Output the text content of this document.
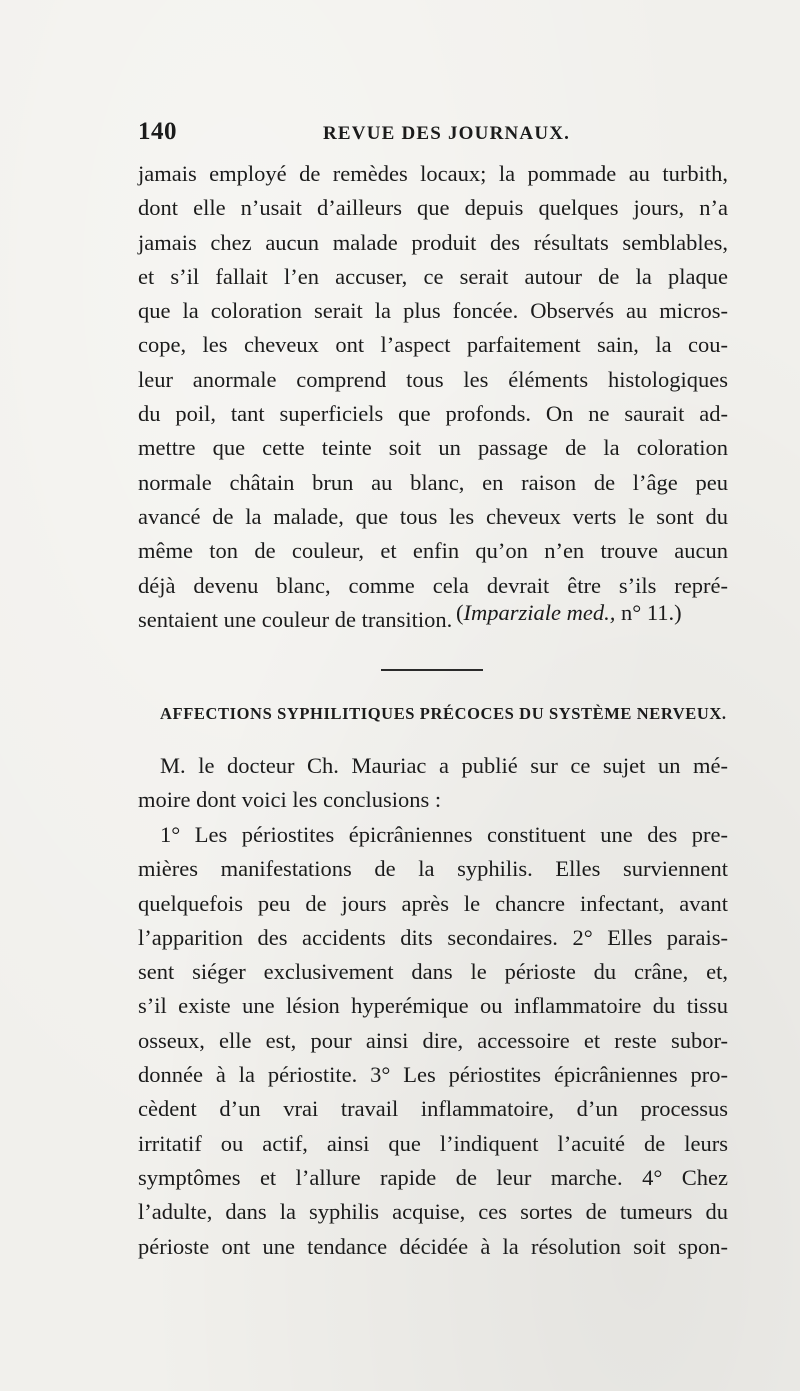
140	REVUE DES JOURNAUX.
jamais employé de remèdes locaux; la pommade au turbith,
dont elle n’usait d’ailleurs que depuis quelques jours, n’a
jamais chez aucun malade produit des résultats semblables,
et s’il fallait l’en accuser, ce serait autour de la plaque
que la coloration serait la plus foncée. Observés au micros-
cope, les cheveux ont l’aspect parfaitement sain, la cou-
leur anormale comprend tous les éléments histologiques
du poil, tant superficiels que profonds. On ne saurait ad-
mettre que cette teinte soit un passage de la coloration
normale châtain brun au blanc, en raison de l’âge peu
avancé de la malade, que tous les cheveux verts le sont du
même ton de couleur, et enfin qu’on n’en trouve aucun
déjà devenu blanc, comme cela devrait être s’ils repré-
sentaient une couleur de transition. (Imparziale med., n° 11.)
AFFECTIONS SYPHILITIQUES PRÉCOCES DU SYSTÈME NERVEUX.
M. le docteur Ch. Mauriac a publié sur ce sujet un mé-
moire dont voici les conclusions :
1° Les périostites épicrâniennes constituent une des pre-
mières manifestations de la syphilis. Elles surviennent
quelquefois peu de jours après le chancre infectant, avant
l’apparition des accidents dits secondaires. 2° Elles parais-
sent siéger exclusivement dans le périoste du crâne, et,
s’il existe une lésion hyperémique ou inflammatoire du tissu
osseux, elle est, pour ainsi dire, accessoire et reste subor-
donnée à la périostite. 3° Les périostites épicrâniennes pro-
cèdent d’un vrai travail inflammatoire, d’un processus
irritatif ou actif, ainsi que l’indiquent l’acuité de leurs
symptômes et l’allure rapide de leur marche. 4° Chez
l’adulte, dans la syphilis acquise, ces sortes de tumeurs du
périoste ont une tendance décidée à la résolution soit spon-
